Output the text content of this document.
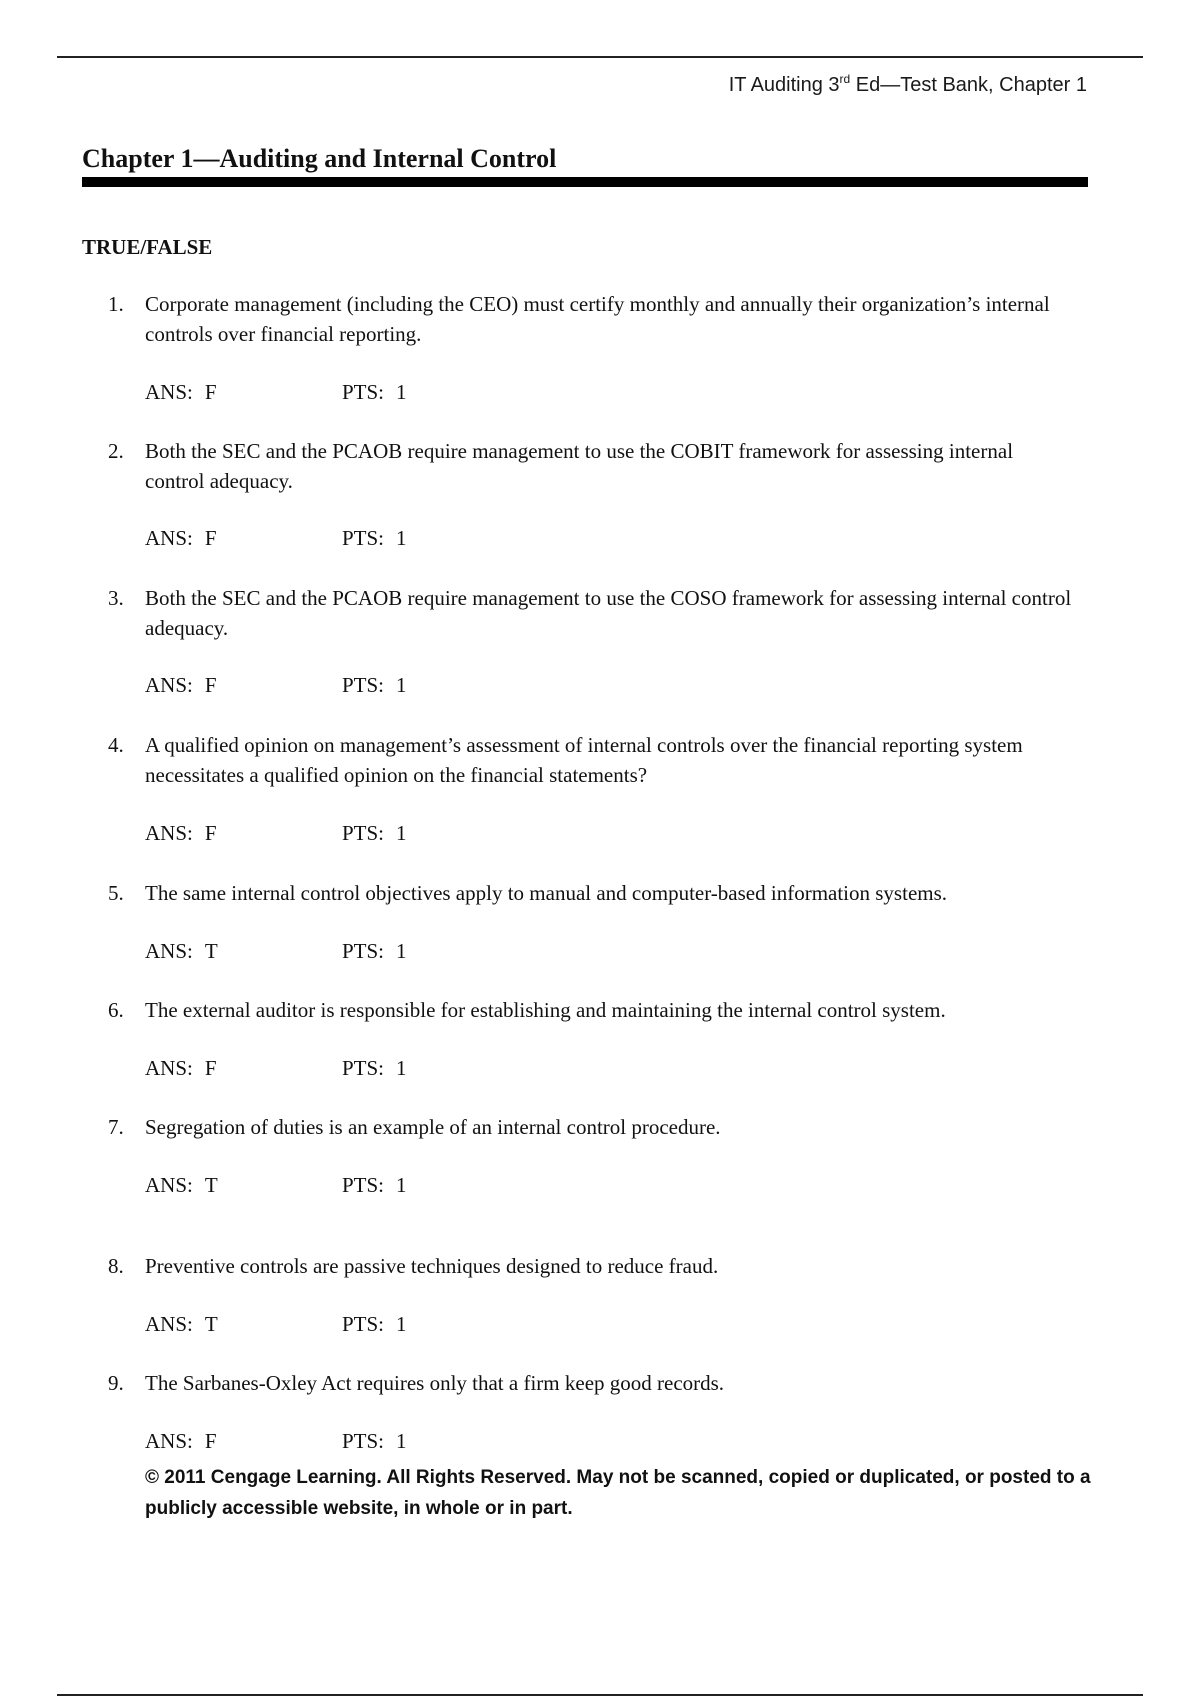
IT Auditing 3rd Ed—Test Bank, Chapter 1
Chapter 1—Auditing and Internal Control
TRUE/FALSE
1. Corporate management (including the CEO) must certify monthly and annually their organization’s internal controls over financial reporting.
ANS: F	PTS: 1
2. Both the SEC and the PCAOB require management to use the COBIT framework for assessing internal control adequacy.
ANS: F	PTS: 1
3. Both the SEC and the PCAOB require management to use the COSO framework for assessing internal control adequacy.
ANS: F	PTS: 1
4. A qualified opinion on management’s assessment of internal controls over the financial reporting system necessitates a qualified opinion on the financial statements?
ANS: F	PTS: 1
5. The same internal control objectives apply to manual and computer-based information systems.
ANS: T	PTS: 1
6. The external auditor is responsible for establishing and maintaining the internal control system.
ANS: F	PTS: 1
7. Segregation of duties is an example of an internal control procedure.
ANS: T	PTS: 1
8. Preventive controls are passive techniques designed to reduce fraud.
ANS: T	PTS: 1
9. The Sarbanes-Oxley Act requires only that a firm keep good records.
ANS: F	PTS: 1
© 2011 Cengage Learning. All Rights Reserved. May not be scanned, copied or duplicated, or posted to a publicly accessible website, in whole or in part.
